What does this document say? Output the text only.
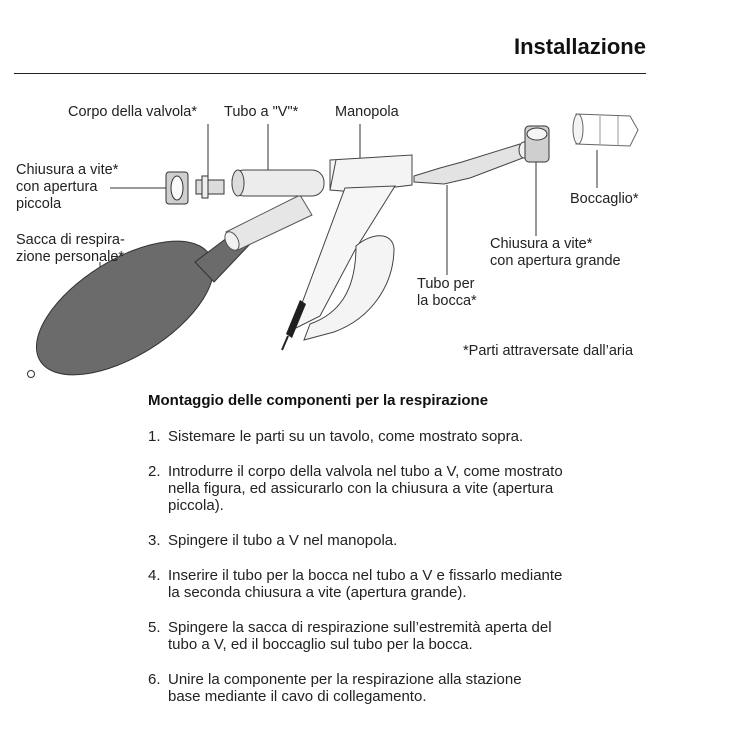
Installazione
Corpo della valvola* Tubo a "V"*	Manopola
Chiusura a vite*
con apertura
piccola
Sacca di respira-
zione personale*
Boccaglio*
Chiusura a vite*
con apertura grande
Tubo per
la bocca*
*Parti attraversate dall’aria
Montaggio delle componenti per la respirazione
1. Sistemare le parti su un tavolo, come mostrato sopra.
2. Introdurre il corpo della valvola nel tubo a V, come mostrato
nella figura, ed assicurarlo con la chiusura a vite (apertura
piccola).
3. Spingere il tubo a V nel manopola.
4. Inserire il tubo per la bocca nel tubo a V e fissarlo mediante
la seconda chiusura a vite (apertura grande).
5. Spingere la sacca di respirazione sull’estremità aperta del
tubo a V, ed il boccaglio sul tubo per la bocca.
6. Unire la componente per la respirazione alla stazione
base mediante il cavo di collegamento.
